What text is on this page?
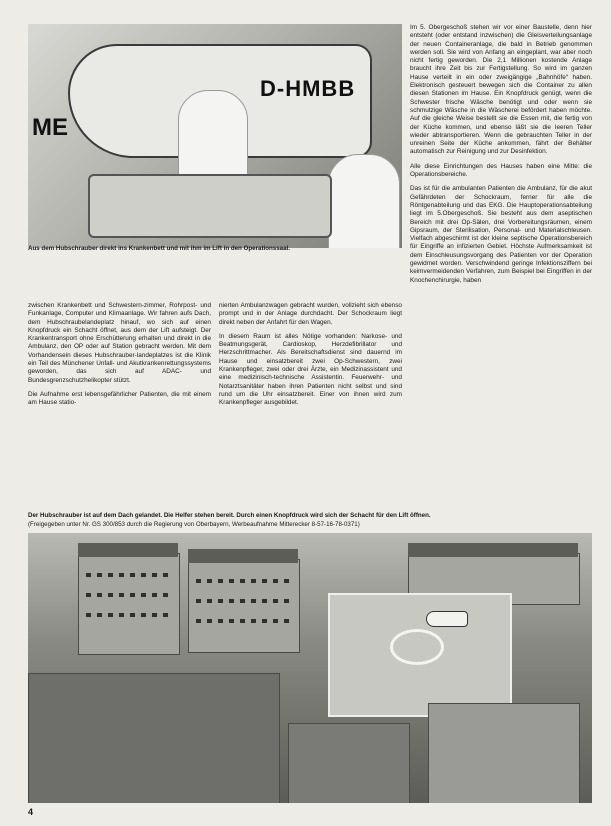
D-HMBB
ME
Aus dem Hubschrauber direkt ins Krankenbett und mit ihm im Lift in den Operationssaal.

zwischen Krankenbett und Schwestern-zimmer, Rohrpost- und Funkanlage, Computer und Klimaanlage. Wir fahren aufs Dach, dem Hubschraubelandeplatz hinauf, wo sich auf einen Knopfdruck ein Schacht öffnet, aus dem der Lift aufsteigt. Der Krankentransport ohne Erschütterung erhalten und direkt in die Ambulanz, den OP oder auf Station gebracht werden. Mit dem Vorhandensein dieses Hubschrauber-landeplatzes ist die Klinik ein Teil des Münchener Unfall- und Akutkrankenrettungssystems geworden, das sich auf ADAC- und Bundesgrenzschutzhelikopter stützt.

Die Aufnahme erst lebensgefährlicher Patienten, die mit einem am Hause statio-

nierten Ambulanzwagen gebracht wurden, vollzieht sich ebenso prompt und in der Anlage durchdacht. Der Schockraum liegt direkt neben der Anfahrt für den Wagen.

In diesem Raum ist alles Nötige vorhanden: Narkose- und Beatmungsgerät, Cardioskop, Herzdefibrillator und Herzschrittmacher. Als Bereitschaftsdienst sind dauernd im Hause und einsatzbereit zwei Op-Schwestern, zwei Krankenpfleger, zwei oder drei Ärzte, ein Medizinassistent und eine medizinisch-technische Assistentin. Feuerwehr- und Notarztsanitäter haben ihren Patienten nicht selbst und sind rund um die Uhr einsatzbereit. Einer von ihnen wird zum Krankenpfleger ausgebildet.

Im 5. Obergeschoß stehen wir vor einer Baustelle, denn hier entsteht (oder entstand inzwischen) die Gleisverteilungsanlage der neuen Containeranlage, die bald in Betrieb genommen werden soll. Sie wird von Anfang an eingeplant, war aber noch nicht fertig geworden. Die 2,1 Millionen kostende Anlage braucht ihre Zeit bis zur Fertigstellung. So wird im ganzen Hause verteilt in ein oder zweigängige „Bahnhöfe“ haben. Elektronisch gesteuert bewegen sich die Container zu allen diesen Stationen im Hause. Ein Knopfdruck genügt, wenn die Schwester frische Wäsche benötigt und oder wenn sie schmutzige Wäsche in die Wäscherei befördert haben möchte. Auf die gleiche Weise bestellt sie die Essen mit, die fertig von der Küche kommen, und ebenso läßt sie die leeren Teller wieder abtransportieren. Wenn die gebrauchten Teller in der unreinen Seite der Küche ankommen, fährt der Behälter automatisch zur Reinigung und zur Desinfektion.

Alle diese Einrichtungen des Hauses haben eine Mitte: die Operationsbereiche.

Das ist für die ambulanten Patienten die Ambulanz, für die akut Gefährdeten der Schockraum, ferner für alle die Röntgenabteilung und das EKG. Die Hauptoperationsabteilung liegt im 5.Obergeschoß. Sie besteht aus dem aseptischen Bereich mit drei Op-Sälen, drei Vorbereitungsräumen, einem Gipsraum, der Sterilisation, Personal- und Materialschleusen. Vielfach abgeschirmt ist der kleine septische Operationsbereich für Eingriffe an infizierten Gebiet. Höchste Aufmerksamkeit ist dem Einschleusungsvorgang des Patienten vor der Operation gewidmet worden. Verschwindend geringe Infektionsziffern bei keimvermeidenden Verfahren, zum Beispiel bei Eingriffen in der Knochenchirurgie, haben

Der Hubschrauber ist auf dem Dach gelandet. Die Helfer stehen bereit. Durch einen Knopfdruck wird sich der Schacht für den Lift öffnen.
(Freigegeben unter Nr. GS 300/853 durch die Regierung von Oberbayern, Werbeaufnahme Mitterecker 8-57-16-78-0371)
4
